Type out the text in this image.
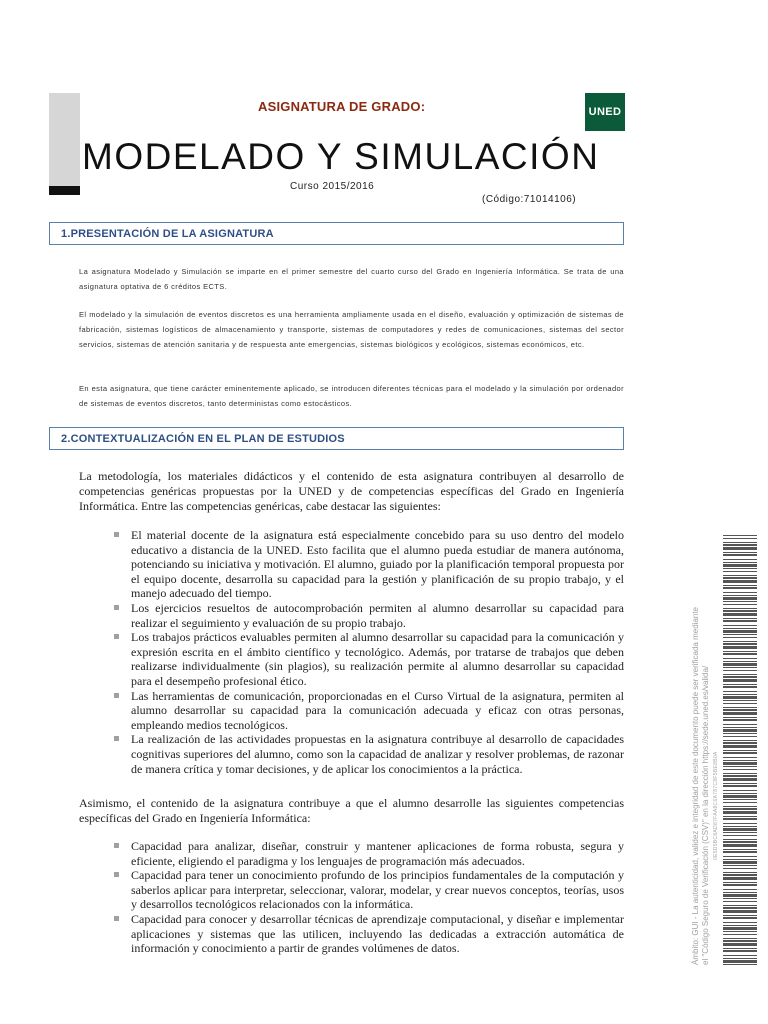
ASIGNATURA DE GRADO:	UNED
MODELADO Y SIMULACIÓN
Curso 2015/2016
(Código:71014106)
1.PRESENTACIÓN DE LA ASIGNATURA

La asignatura Modelado y Simulación se imparte en el primer semestre del cuarto curso del Grado en Ingeniería Informática. Se trata de una asignatura optativa de 6 créditos ECTS.

El modelado y la simulación de eventos discretos es una herramienta ampliamente usada en el diseño, evaluación y optimización de sistemas de fabricación, sistemas logísticos de almacenamiento y transporte, sistemas de computadores y redes de comunicaciones, sistemas del sector servicios, sistemas de atención sanitaria y de respuesta ante emergencias, sistemas biológicos y ecológicos, sistemas económicos, etc.

En esta asignatura, que tiene carácter eminentemente aplicado, se introducen diferentes técnicas para el modelado y la simulación por ordenador de sistemas de eventos discretos, tanto deterministas como estocásticos.

2.CONTEXTUALIZACIÓN EN EL PLAN DE ESTUDIOS

La metodología, los materiales didácticos y el contenido de esta asignatura contribuyen al desarrollo de competencias genéricas propuestas por la UNED y de competencias específicas del Grado en Ingeniería Informática. Entre las competencias genéricas, cabe destacar las siguientes:

El material docente de la asignatura está especialmente concebido para su uso dentro del modelo educativo a distancia de la UNED. Esto facilita que el alumno pueda estudiar de manera autónoma, potenciando su iniciativa y motivación. El alumno, guiado por la planificación temporal propuesta por el equipo docente, desarrolla su capacidad para la gestión y planificación de su propio trabajo, y el manejo adecuado del tiempo.
Los ejercicios resueltos de autocomprobación permiten al alumno desarrollar su capacidad para realizar el seguimiento y evaluación de su propio trabajo.
Los trabajos prácticos evaluables permiten al alumno desarrollar su capacidad para la comunicación y expresión escrita en el ámbito científico y tecnológico. Además, por tratarse de trabajos que deben realizarse individualmente (sin plagios), su realización permite al alumno desarrollar su capacidad para el desempeño profesional ético.
Las herramientas de comunicación, proporcionadas en el Curso Virtual de la asignatura, permiten al alumno desarrollar su capacidad para la comunicación adecuada y eficaz con otras personas, empleando medios tecnológicos.
La realización de las actividades propuestas en la asignatura contribuye al desarrollo de capacidades cognitivas superiores del alumno, como son la capacidad de analizar y resolver problemas, de razonar de manera crítica y tomar decisiones, y de aplicar los conocimientos a la práctica.

Asimismo, el contenido de la asignatura contribuye a que el alumno desarrolle las siguientes competencias específicas del Grado en Ingeniería Informática:

Capacidad para analizar, diseñar, construir y mantener aplicaciones de forma robusta, segura y eficiente, eligiendo el paradigma y los lenguajes de programación más adecuados.
Capacidad para tener un conocimiento profundo de los principios fundamentales de la computación y saberlos aplicar para interpretar, seleccionar, valorar, modelar, y crear nuevos conceptos, teorías, usos y desarrollos tecnológicos relacionados con la informática.
Capacidad para conocer y desarrollar técnicas de aprendizaje computacional, y diseñar e implementar aplicaciones y sistemas que las utilicen, incluyendo las dedicadas a extracción automática de información y conocimiento a partir de grandes volúmenes de datos.	Ámbito: GUI - La autenticidad, validez e integridad de este documento puede ser verificada mediante el "Código Seguro de Verificación (CSV)" en la dirección https://sede.uned.es/valida/ 0E5D5BC8AD87FAA8C6A787C8F5BE8B0A
